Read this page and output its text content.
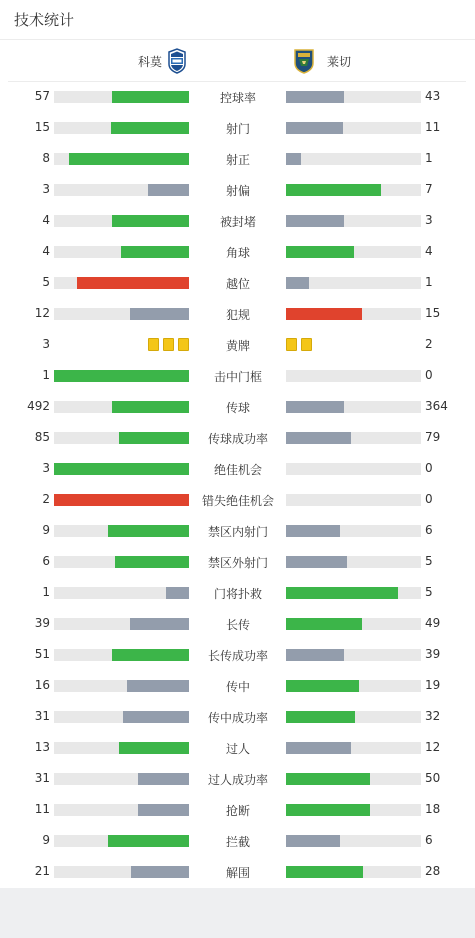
技术统计
科莫	莱切
57	控球率	43
15	射门	11
8	射正	1
3	射偏	7
4	被封堵	3
4	角球	4
5	越位	1
12	犯规	15
3	黄牌	2
1	击中门框	0
492	传球	364
85	传球成功率	79
3	绝佳机会	0
2	错失绝佳机会	0
9	禁区内射门	6
6	禁区外射门	5
1	门将扑救	5
39	长传	49
51	长传成功率	39
16	传中	19
31	传中成功率	32
13	过人	12
31	过人成功率	50
11	抢断	18
9	拦截	6
21	解围	28
